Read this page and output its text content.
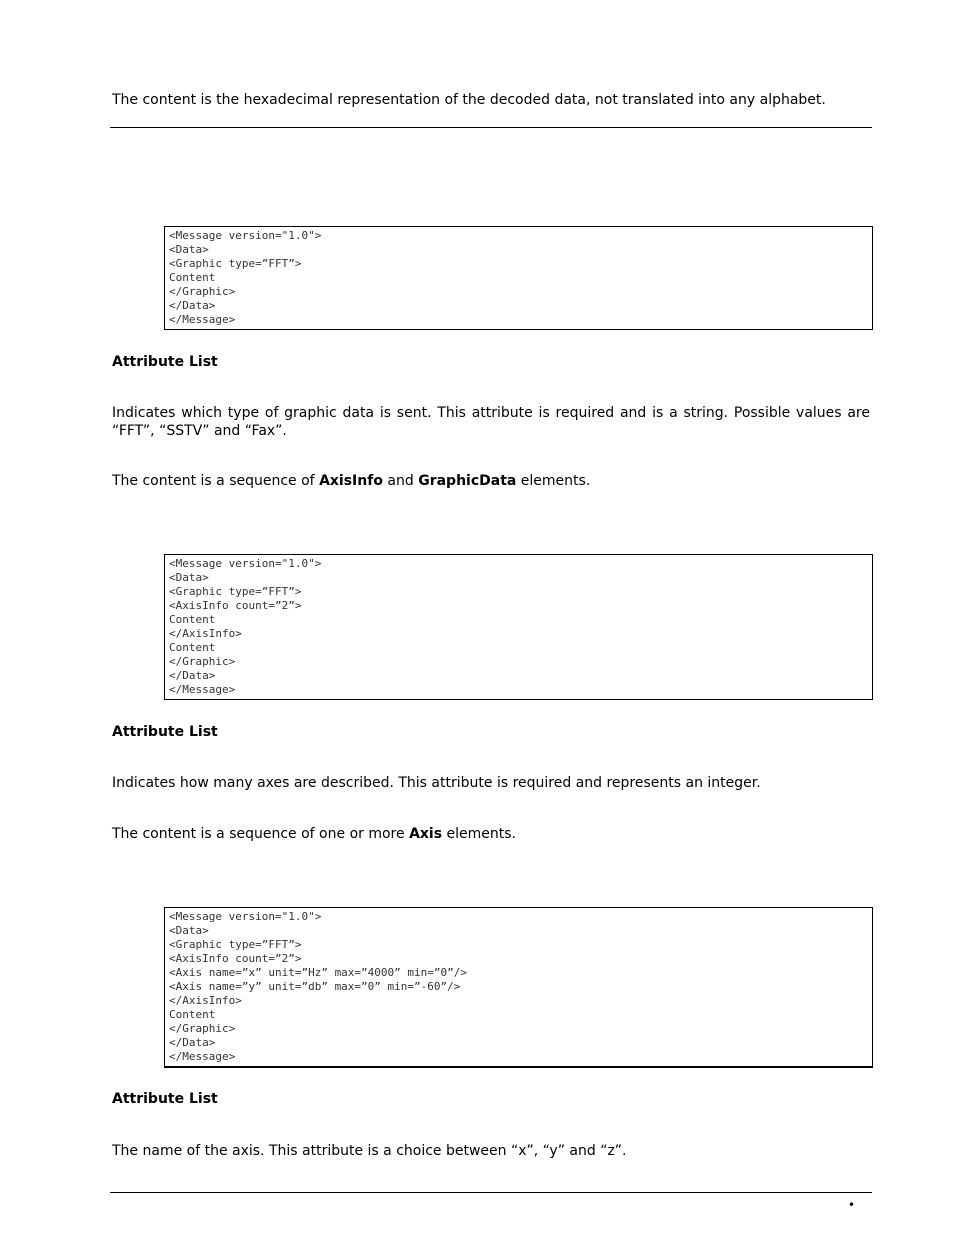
The content is the hexadecimal representation of the decoded data, not translated into any alphabet.

<Message version="1.0">
<Data>
<Graphic type=”FFT”>
Content
</Graphic>
</Data>
</Message>

Attribute List

Indicates which type of graphic data is sent. This attribute is required and is a string. Possible values are “FFT”, “SSTV” and “Fax”.

The content is a sequence of AxisInfo and GraphicData elements.

<Message version="1.0">
<Data>
<Graphic type=”FFT”>
<AxisInfo count=”2”>
Content
</AxisInfo>
Content
</Graphic>
</Data>
</Message>

Attribute List

Indicates how many axes are described. This attribute is required and represents an integer.

The content is a sequence of one or more Axis elements.

<Message version="1.0">
<Data>
<Graphic type=”FFT”>
<AxisInfo count=”2”>
<Axis name=”x” unit=”Hz” max=”4000” min=”0”/>
<Axis name=”y” unit=”db” max=”0” min=”-60”/>
</AxisInfo>
Content
</Graphic>
</Data>
</Message>

Attribute List

The name of the axis. This attribute is a choice between “x”, “y” and “z”.

•
